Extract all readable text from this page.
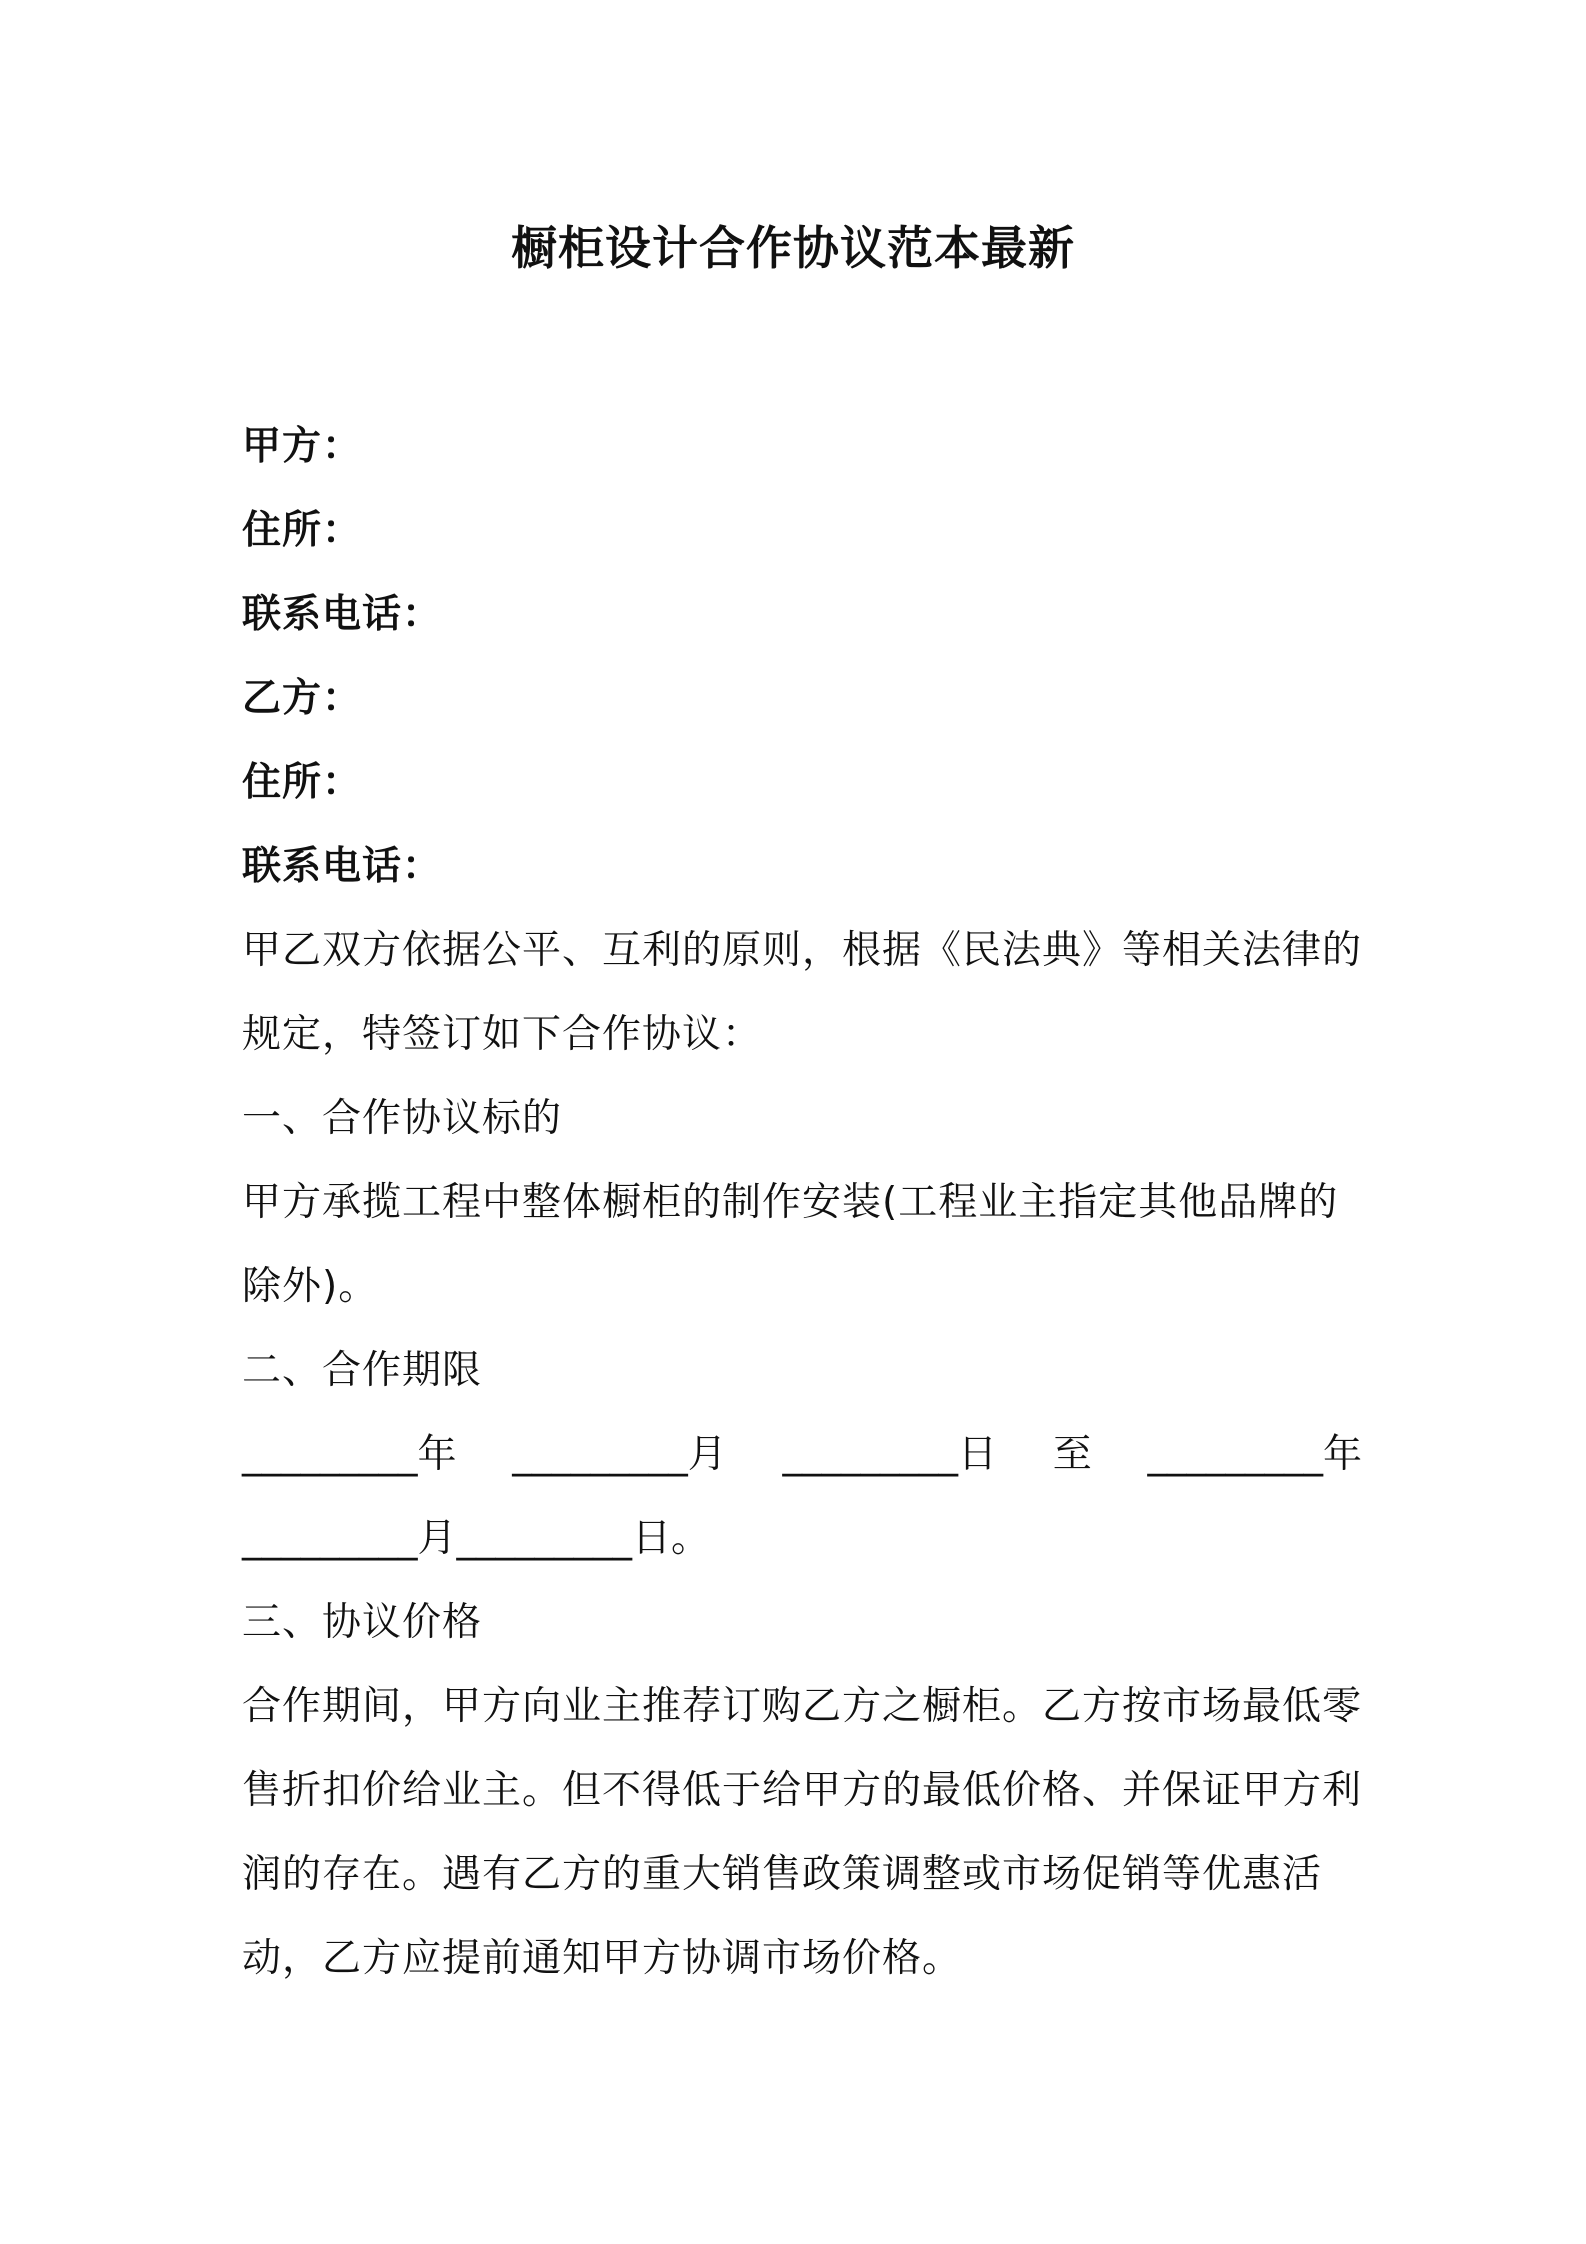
橱柜设计合作协议范本最新
甲方：
住所：
联系电话：
乙方：
住所：
联系电话：
甲乙双方依据公平、互利的原则，根据《民法典》等相关法律的规定，特签订如下合作协议：
一、合作协议标的
甲方承揽工程中整体橱柜的制作安装(工程业主指定其他品牌的除外)。
二、合作期限
_________年 _________月 _________日 至 _________年
_________月_________日。
三、协议价格
合作期间，甲方向业主推荐订购乙方之橱柜。乙方按市场最低零售折扣价给业主。但不得低于给甲方的最低价格、并保证甲方利润的存在。遇有乙方的重大销售政策调整或市场促销等优惠活动，乙方应提前通知甲方协调市场价格。
